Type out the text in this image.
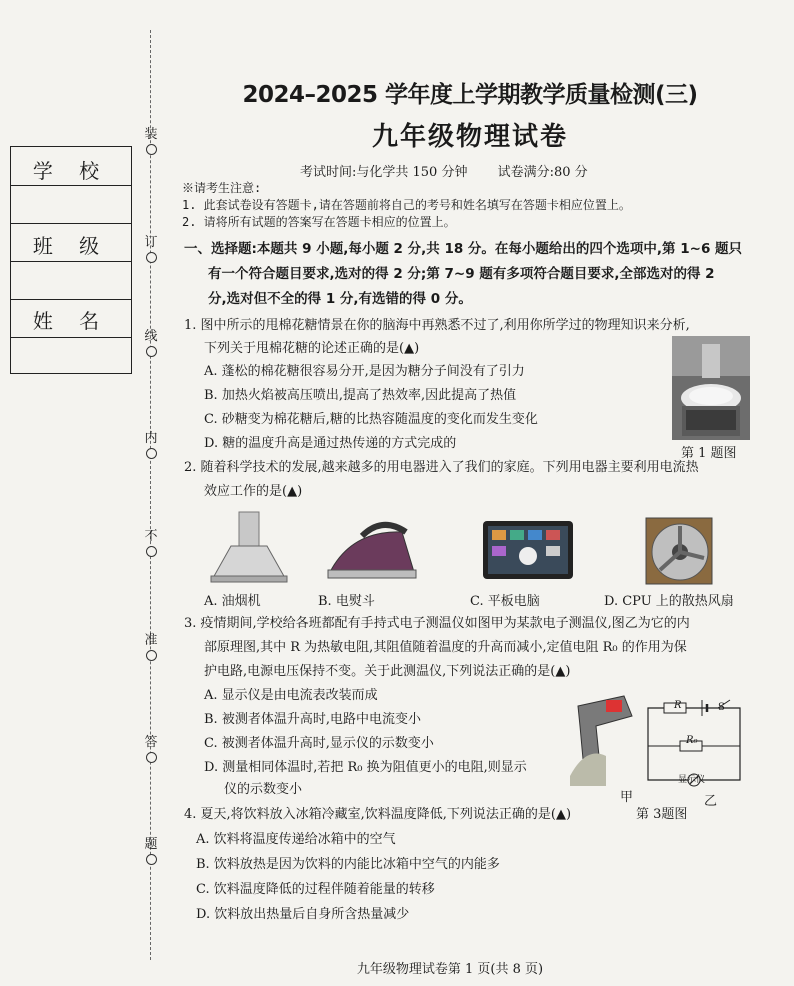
装
订
线
内
不
准
答
题
学 校
班 级
姓 名
2024–2025 学年度上学期教学质量检测(三)
九年级物理试卷
考试时间:与化学共 150 分钟 试卷满分:80 分
※请考生注意:
1. 此套试卷设有答题卡,请在答题前将自己的考号和姓名填写在答题卡相应位置上。
2. 请将所有试题的答案写在答题卡相应的位置上。
一、选择题:本题共 9 小题,每小题 2 分,共 18 分。在每小题给出的四个选项中,第 1~6 题只
有一个符合题目要求,选对的得 2 分;第 7~9 题有多项符合题目要求,全部选对的得 2
分,选对但不全的得 1 分,有选错的得 0 分。
1. 图中所示的甩棉花糖情景在你的脑海中再熟悉不过了,利用你所学过的物理知识来分析,
下列关于甩棉花糖的论述正确的是(▲)
A. 蓬松的棉花糖很容易分开,是因为糖分子间没有了引力
B. 加热火焰被高压喷出,提高了热效率,因此提高了热值
C. 砂糖变为棉花糖后,糖的比热容随温度的变化而发生变化
D. 糖的温度升高是通过热传递的方式完成的
第 1 题图
2. 随着科学技术的发展,越来越多的用电器进入了我们的家庭。下列用电器主要利用电流热
效应工作的是(▲)
A. 油烟机	B. 电熨斗	C. 平板电脑	D. CPU 上的散热风扇
3. 疫情期间,学校给各班都配有手持式电子测温仪如图甲为某款电子测温仪,图乙为它的内
部原理图,其中 R 为热敏电阻,其阻值随着温度的升高而减小,定值电阻 R₀ 的作用为保
护电路,电源电压保持不变。关于此测温仪,下列说法正确的是(▲)
A. 显示仪是由电流表改装而成
B. 被测者体温升高时,电路中电流变小
C. 被测者体温升高时,显示仪的示数变小
D. 测量相同体温时,若把 R₀ 换为阻值更小的电阻,则显示
仪的示数变小
甲
R	S
R₀
显示仪
乙
第 3题图
4. 夏天,将饮料放入冰箱冷藏室,饮料温度降低,下列说法正确的是(▲)
A. 饮料将温度传递给冰箱中的空气
B. 饮料放热是因为饮料的内能比冰箱中空气的内能多
C. 饮料温度降低的过程伴随着能量的转移
D. 饮料放出热量后自身所含热量减少
九年级物理试卷第 1 页(共 8 页)
